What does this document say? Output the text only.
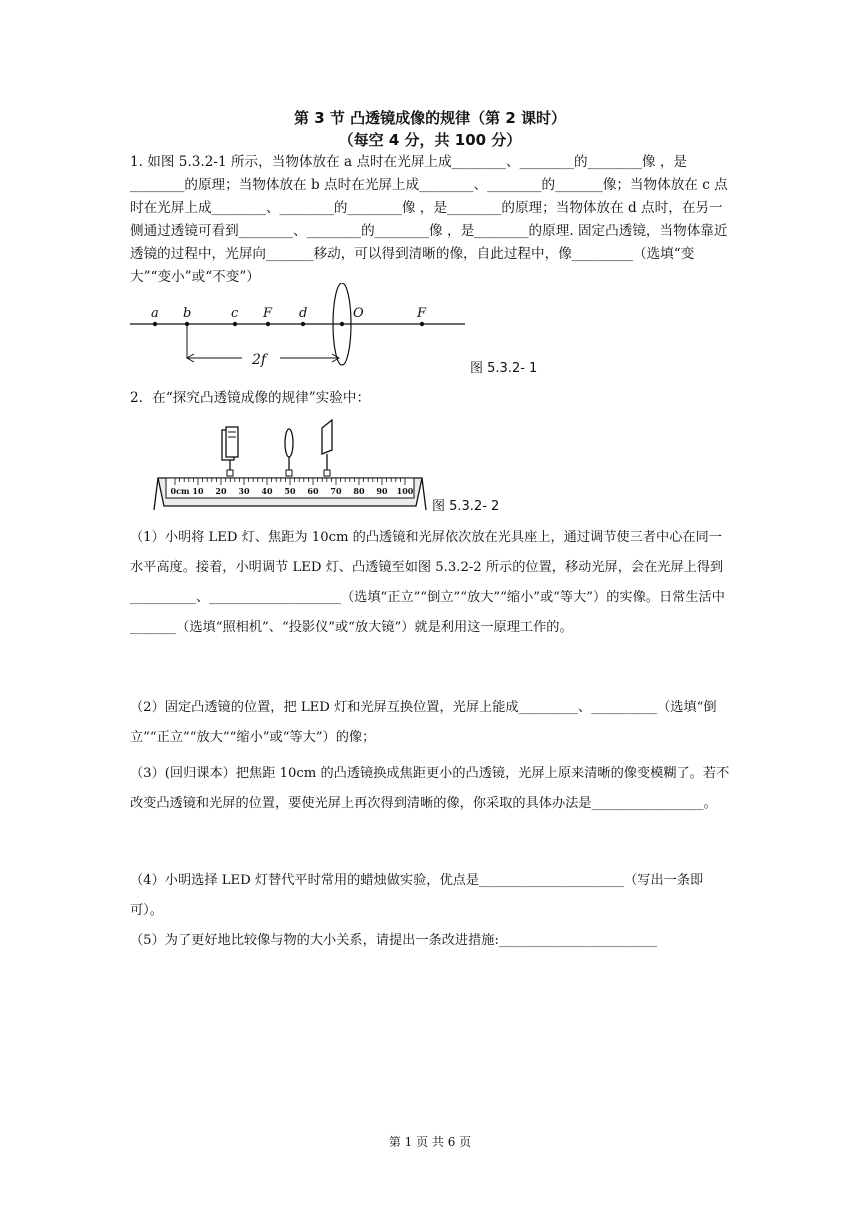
第 3 节 凸透镜成像的规律（第 2 课时）
（每空 4 分，共 100 分）
1. 如图 5.3.2-1 所示，当物体放在 a 点时在光屏上成________、________的________像 ，是________的原理；当物体放在 b 点时在光屏上成________、________的_______像；当物体放在 c 点时在光屏上成________、________的________像 ，是________的原理；当物体放在 d 点时，在另一侧通过透镜可看到________、________的________像 ，是________的原理. 固定凸透镜，当物体靠近透镜的过程中，光屏向_______移动，可以得到清晰的像，自此过程中，像_________（选填“变大”“变小”或“不变”）
a b	c F d	O	F
2f
图 5.3.2- 1
2．在“探究凸透镜成像的规律”实验中：
0cm 10 20 30 40 50 60 70 80 90 100
图 5.3.2- 2
（1）小明将 LED 灯、焦距为 10cm 的凸透镜和光屏依次放在光具座上，通过调节使三者中心在同一水平高度。接着，小明调节 LED 灯、凸透镜至如图 5.3.2-2 所示的位置，移动光屏，会在光屏上得到__________、____________________（选填“正立”“倒立”“放大”“缩小”或“等大”）的实像。日常生活中_______（选填“照相机”、“投影仪”或“放大镜”）就是利用这一原理工作的。
（2）固定凸透镜的位置，把 LED 灯和光屏互换位置，光屏上能成_________、__________（选填“倒立”“正立”“放大”“缩小”或“等大”）的像；
（3）(回归课本）把焦距 10cm 的凸透镜换成焦距更小的凸透镜，光屏上原来清晰的像变模糊了。若不改变凸透镜和光屏的位置，要使光屏上再次得到清晰的像，你采取的具体办法是_________________。
（4）小明选择 LED 灯替代平时常用的蜡烛做实验，优点是______________________（写出一条即可）。
（5）为了更好地比较像与物的大小关系，请提出一条改进措施:________________________
第 1 页 共 6 页
